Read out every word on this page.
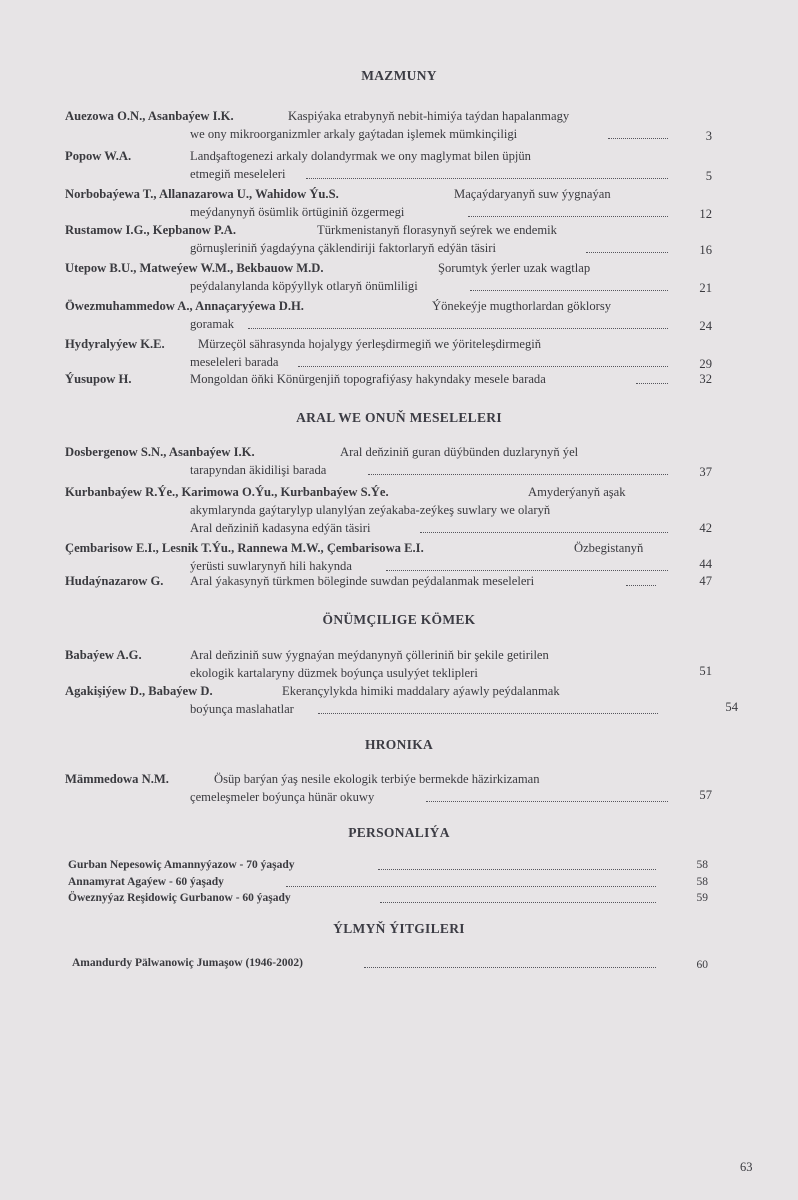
MAZMUNY
Auezowa O.N., Asanbaýew I.K.	Kaspiýaka etrabynyň nebit-himiýa taýdan hapalanmagy
we ony mikroorganizmler arkaly gaýtadan işlemek mümkinçiligi	3
Popow W.A.	Landşaftogenezi arkaly dolandyrmak we ony maglymat bilen üpjün
etmegiň meseleleri	5
Norbobaýewa T., Allanazarowa U., Wahidow Ýu.S.	Maçaýdaryanyň suw ýygnaýan
meýdanynyň ösümlik örtüginiň özgermegi	12
Rustamow I.G., Kepbanow P.A.	Türkmenistanyň florasynyň seýrek we endemik
görnuşleriniň ýagdaýyna çäklendiriji faktorlaryň edýän täsiri	16
Utepow B.U., Matweýew W.M., Bekbauow M.D.	Şorumtyk ýerler uzak wagtlap
peýdalanylanda köpýyllyk otlaryň önümliligi	21
Öwezmuhammedow A., Annaçaryýewa D.H.	Ýönekeýje mugthorlardan göklorsy
goramak	24
Hydyralyýew K.E.	Mürzeçöl sährasynda hojalygy ýerleşdirmegiň we ýöriteleşdirmegiň
meseleleri barada	29
Ýusupow H.	Mongoldan öňki Könürgenjiň topografiýasy hakyndaky mesele barada	32
ARAL WE ONUŇ MESELELERI
Dosbergenow S.N., Asanbaýew I.K.	Aral deňziniň guran düýbünden duzlarynyň ýel
tarapyndan äkidilişi barada	37
Kurbanbaýew R.Ýe., Karimowa O.Ýu., Kurbanbaýew S.Ýe.	Amyderýanyň aşak
akymlarynda gaýtarylyp ulanylýan zeýakaba-zeýkeş suwlary we olaryň
Aral deňziniň kadasyna edýän täsiri	42
Çembarisow E.I., Lesnik T.Ýu., Rannewa M.W., Çembarisowa E.I.	Özbegistanyň
ýerüsti suwlarynyň hili hakynda	44
Hudaýnazarow G. Aral ýakasynyň türkmen böleginde suwdan peýdalanmak meseleleri	47
ÖNÜMÇILIGE KÖMEK
Babaýew A.G.	Aral deňziniň suw ýygnaýan meýdanynyň çölleriniň bir şekile getirilen
ekologik kartalaryny düzmek boýunça usulyýet teklipleri	51
Agakişiýew D., Babaýew D.	Ekerançylykda himiki maddalary aýawly peýdalanmak
boýunça maslahatlar	54
HRONIKA
Mämmedowa N.M.	Ösüp barýan ýaş nesile ekologik terbiýe bermekde häzirkizaman
çemeleşmeler boýunça hünär okuwy	57
PERSONALIÝA
Gurban Nepesowiç Amannyýazow - 70 ýaşady	58
Annamyrat Agaýew - 60 ýaşady	58
Öweznyýaz Reşidowiç Gurbanow - 60 ýaşady	59
ÝLMYŇ ÝITGILERI
Amandurdy Pälwanowiç Jumaşow (1946-2002)	60
63
